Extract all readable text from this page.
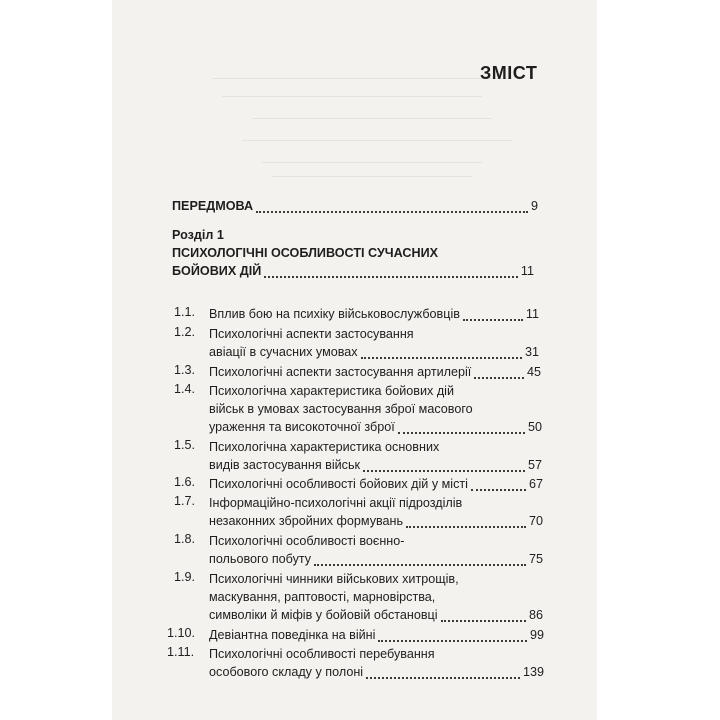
ЗМІСТ
ПЕРЕДМОВА	9
Розділ 1
ПСИХОЛОГІЧНІ ОСОБЛИВОСТІ СУЧАСНИХ
БОЙОВИХ ДІЙ	11
1.1. Вплив бою на психіку військовослужбовців	11
1.2. Психологічні аспекти застосування
авіації в сучасних умовах	31
1.3. Психологічні аспекти застосування артилерії	45
1.4. Психологічна характеристика бойових дій
військ в умовах застосування зброї масового
ураження та високоточної зброї	50
1.5. Психологічна характеристика основних
видів застосування військ	57
1.6. Психологічні особливості бойових дій у місті	67
1.7. Інформаційно-психологічні акції підрозділів
незаконних збройних формувань	70
1.8. Психологічні особливості воєнно-
польового побуту	75
1.9. Психологічні чинники військових хитрощів,
маскування, раптовості, марновірства,
символіки й міфів у бойовій обстановці	86
1.10. Девіантна поведінка на війні	99
1.11. Психологічні особливості перебування
особового складу у полоні	139
